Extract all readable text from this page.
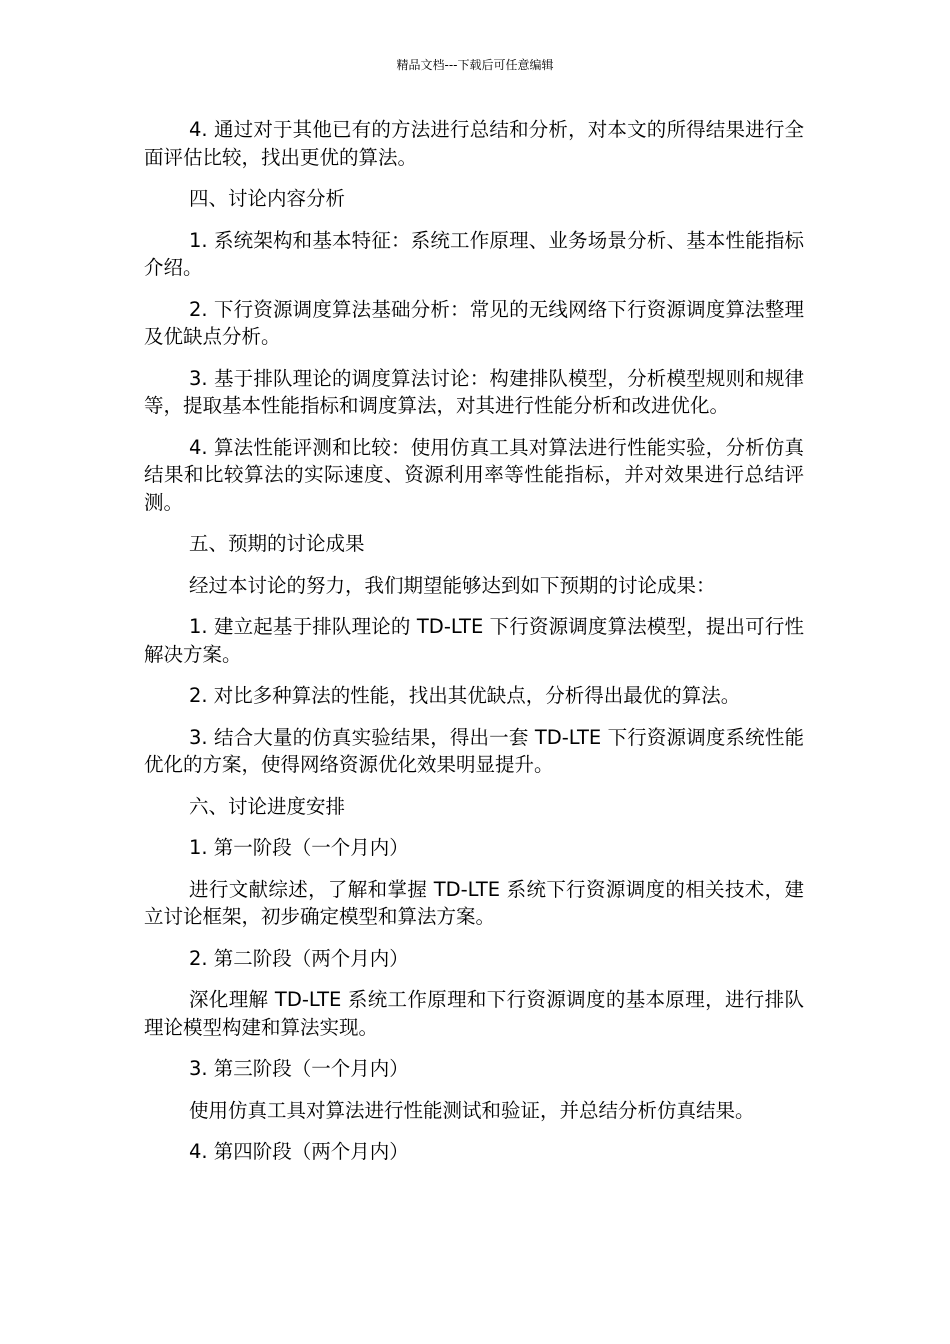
精品文档---下载后可任意编辑

4. 通过对于其他已有的方法进行总结和分析，对本文的所得结果进行全面评估比较，找出更优的算法。

四、讨论内容分析

1. 系统架构和基本特征：系统工作原理、业务场景分析、基本性能指标介绍。

2. 下行资源调度算法基础分析：常见的无线网络下行资源调度算法整理及优缺点分析。

3. 基于排队理论的调度算法讨论：构建排队模型，分析模型规则和规律等，提取基本性能指标和调度算法，对其进行性能分析和改进优化。

4. 算法性能评测和比较：使用仿真工具对算法进行性能实验，分析仿真结果和比较算法的实际速度、资源利用率等性能指标，并对效果进行总结评测。

五、预期的讨论成果

经过本讨论的努力，我们期望能够达到如下预期的讨论成果：

1. 建立起基于排队理论的 TD-LTE 下行资源调度算法模型，提出可行性解决方案。

2. 对比多种算法的性能，找出其优缺点，分析得出最优的算法。

3. 结合大量的仿真实验结果，得出一套 TD-LTE 下行资源调度系统性能优化的方案，使得网络资源优化效果明显提升。

六、讨论进度安排

1. 第一阶段（一个月内）

进行文献综述，了解和掌握 TD-LTE 系统下行资源调度的相关技术，建立讨论框架，初步确定模型和算法方案。

2. 第二阶段（两个月内）

深化理解 TD-LTE 系统工作原理和下行资源调度的基本原理，进行排队理论模型构建和算法实现。

3. 第三阶段（一个月内）

使用仿真工具对算法进行性能测试和验证，并总结分析仿真结果。

4. 第四阶段（两个月内）
